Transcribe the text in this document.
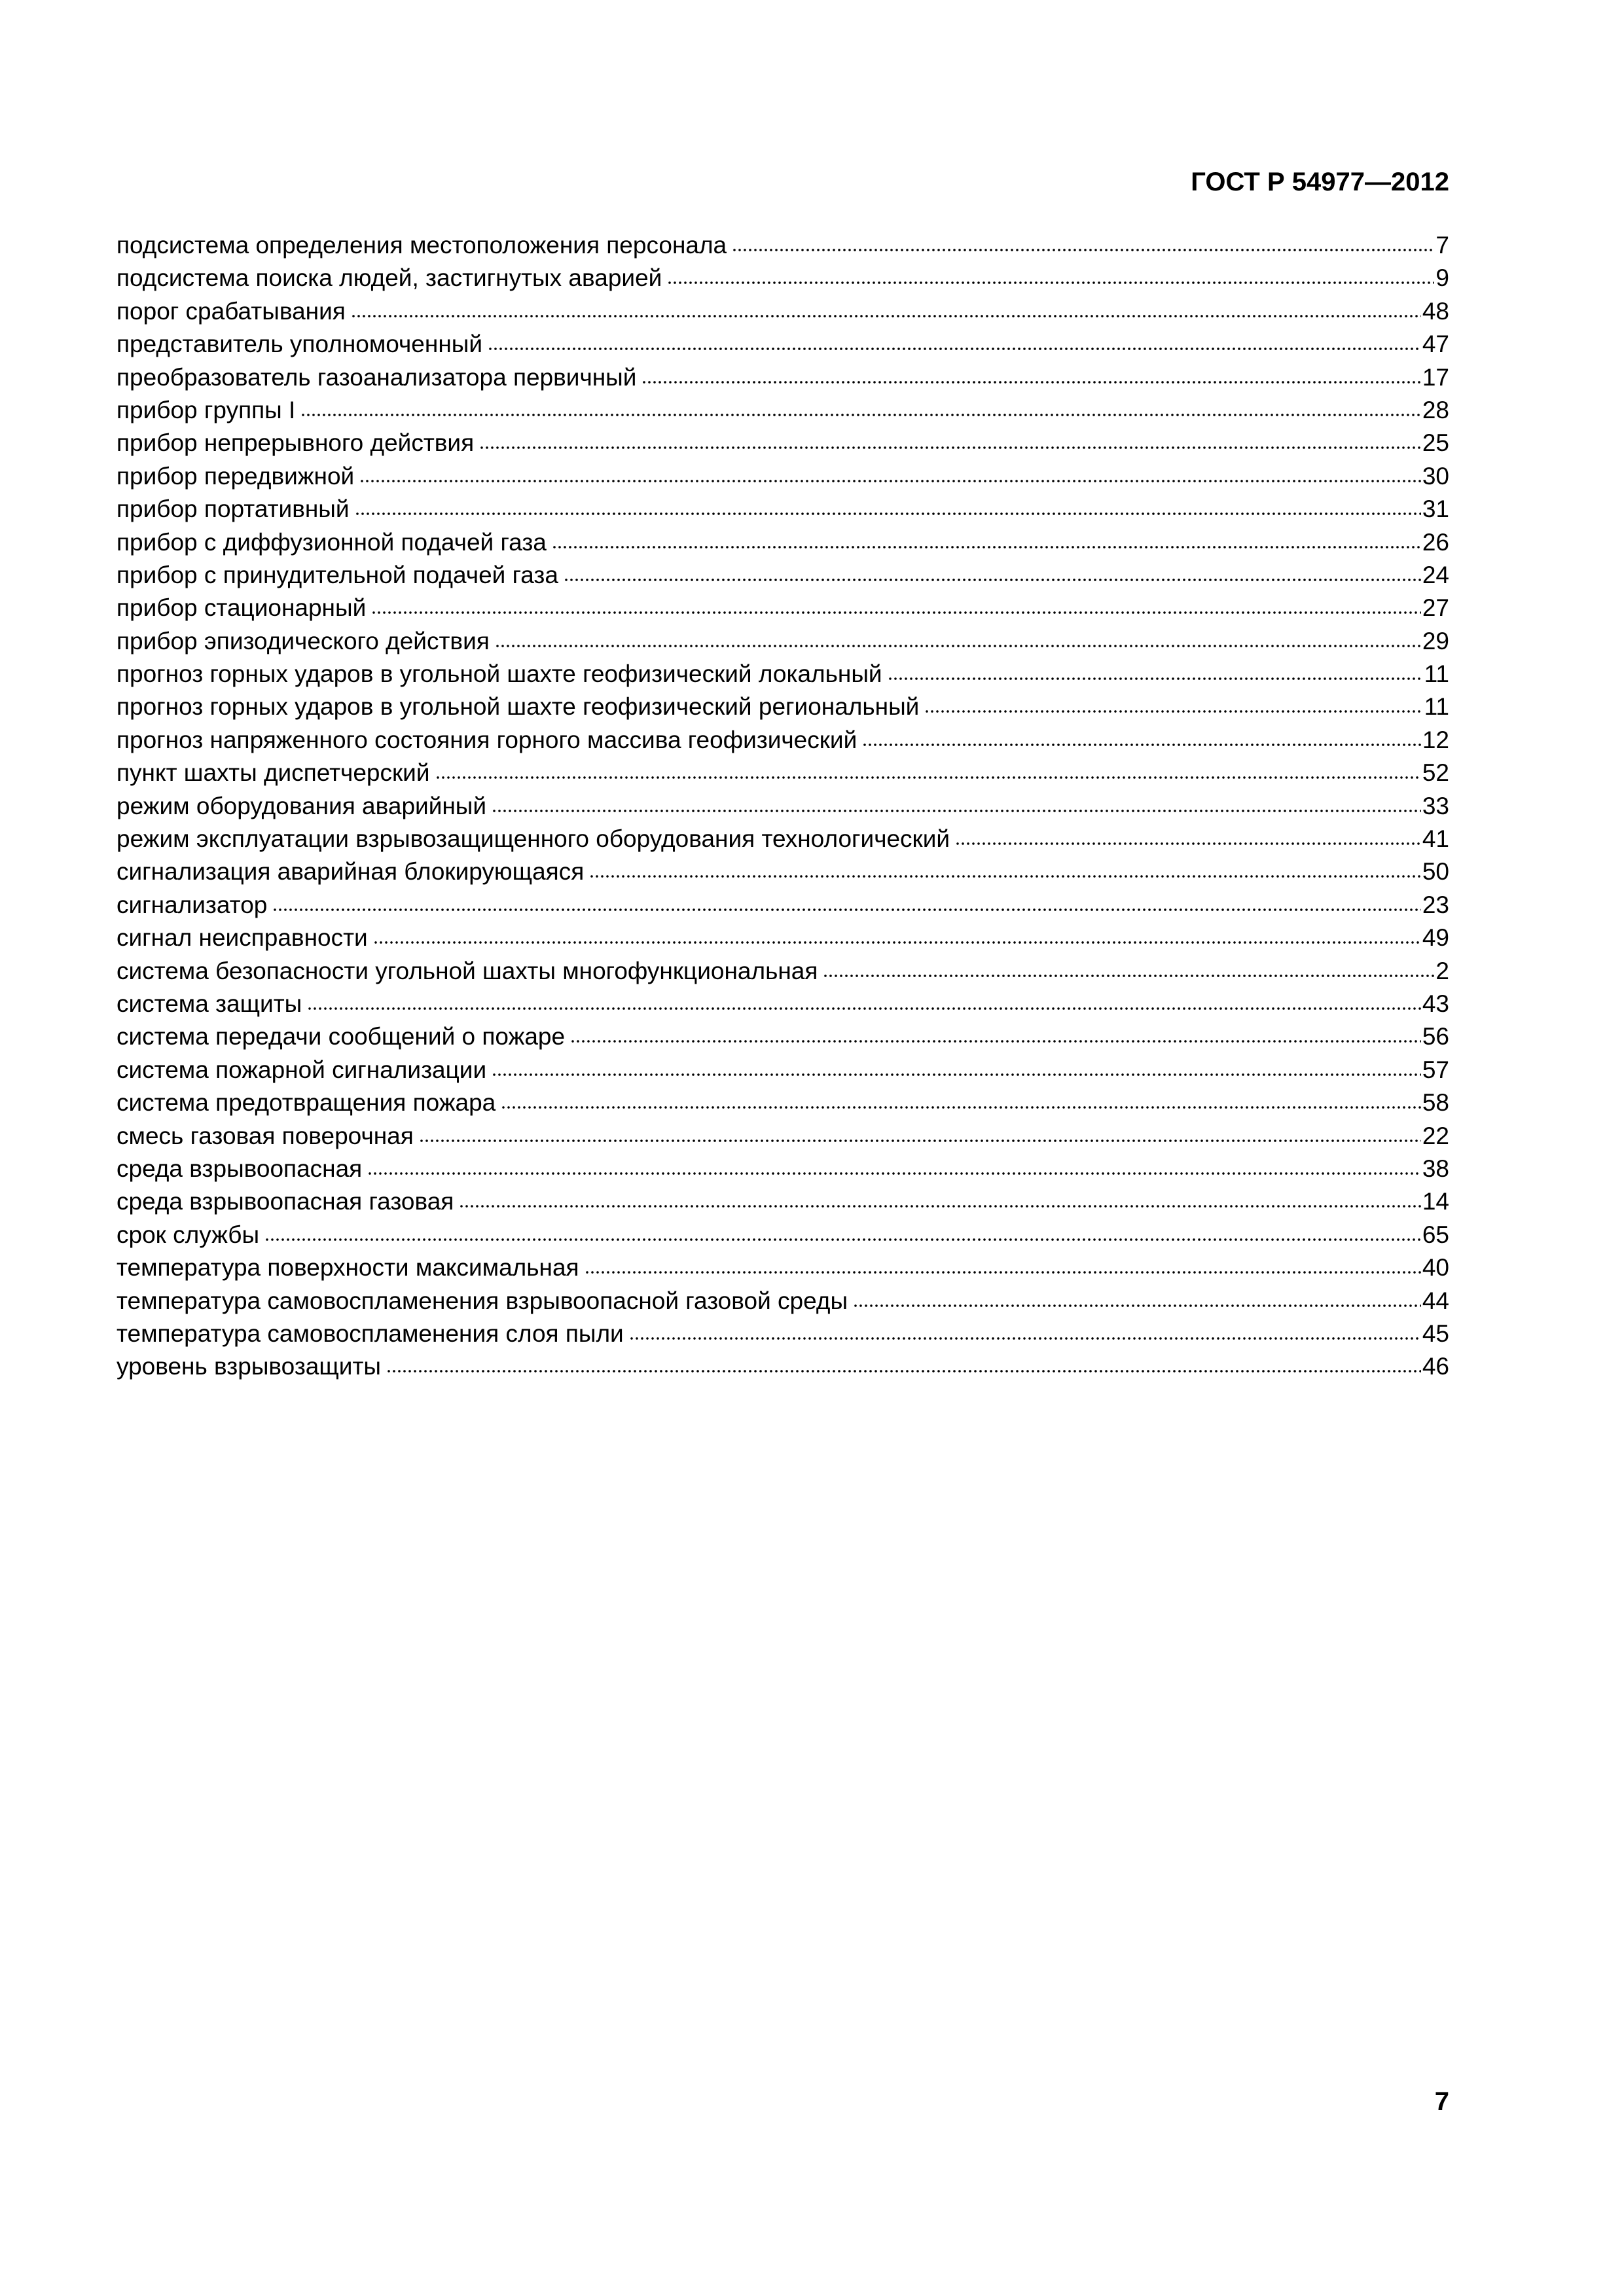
ГОСТ Р 54977—2012
подсистема определения местоположения персонала	7
подсистема поиска людей, застигнутых аварией	9
порог срабатывания	48
представитель уполномоченный	47
преобразователь газоанализатора первичный	17
прибор группы I	28
прибор непрерывного действия	25
прибор передвижной	30
прибор портативный	31
прибор с диффузионной подачей газа	26
прибор с принудительной подачей газа	24
прибор стационарный	27
прибор эпизодического действия	29
прогноз горных ударов в угольной шахте геофизический локальный	11
прогноз горных ударов в угольной шахте геофизический региональный	11
прогноз напряженного состояния горного массива геофизический	12
пункт шахты диспетчерский	52
режим оборудования аварийный	33
режим эксплуатации взрывозащищенного оборудования технологический	41
сигнализация аварийная блокирующаяся	50
сигнализатор	23
сигнал неисправности	49
система безопасности угольной шахты многофункциональная	2
система защиты	43
система передачи сообщений о пожаре	56
система пожарной сигнализации	57
система предотвращения пожара	58
смесь газовая поверочная	22
среда взрывоопасная	38
среда взрывоопасная газовая	14
срок службы	65
температура поверхности максимальная	40
температура самовоспламенения взрывоопасной газовой среды	44
температура самовоспламенения слоя пыли	45
уровень взрывозащиты	46
7
